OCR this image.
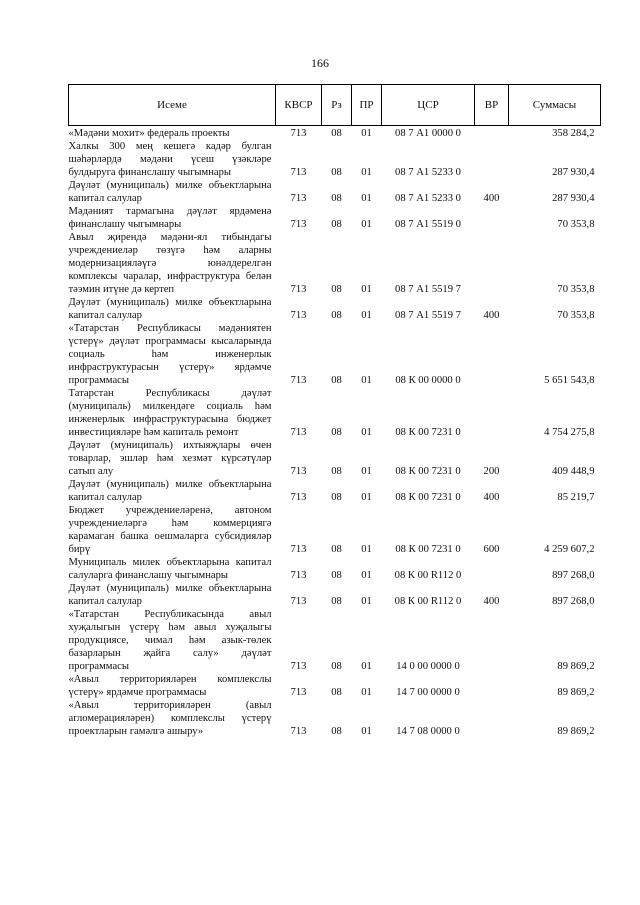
166
Исеме	КВСР	Рз	ПР	ЦСР	ВР	Суммасы
«Мәдәни мохит» федераль проекты	713	08	01	08 7 А1 0000 0		358 284,2
Халкы 300 мең кешегә кадәр булган шәһәрләрдә мәдәни үсеш үзәкләре булдыруга финанслашу чыгымнары	713	08	01	08 7 А1 5233 0		287 930,4
Дәүләт (муниципаль) милке объектларына капитал салулар	713	08	01	08 7 А1 5233 0	400	287 930,4
Мәдәният тармагына дәүләт ярдәменә финанслашу чыгымнары	713	08	01	08 7 А1 5519 0		70 353,8
Авыл җирендә мәдәни-ял тибындагы учреждениеләр төзүгә һәм аларны модернизацияләүгә юнәлдерелгән комплексы чаралар, инфраструктура белән тәэмин итүне дә кертеп	713	08	01	08 7 А1 5519 7		70 353,8
Дәүләт (муниципаль) милке объектларына капитал салулар	713	08	01	08 7 А1 5519 7	400	70 353,8
«Татарстан Республикасы мәдәниятен үстерү» дәүләт программасы кысаларында социаль һәм инженерлык инфраструктурасын үстерү» ярдәмче программасы	713	08	01	08 К 00 0000 0		5 651 543,8
Татарстан Республикасы дәүләт (муниципаль) милкендәге социаль һәм инженерлык инфраструктурасына бюджет инвестицияләре һәм капиталь ремонт	713	08	01	08 К 00 7231 0		4 754 275,8
Дәүләт (муниципаль) ихтыяҗлары өчен товарлар, эшләр һәм хезмәт күрсәтүләр сатып алу	713	08	01	08 К 00 7231 0	200	409 448,9
Дәүләт (муниципаль) милке объектларына капитал салулар	713	08	01	08 К 00 7231 0	400	85 219,7
Бюджет учреждениеләренә, автоном учреждениеләргә һәм коммерциягә карамаган башка оешмаларга субсидияләр бирү	713	08	01	08 К 00 7231 0	600	4 259 607,2
Муниципаль милек объектларына капитал салуларга финанслашу чыгымнары	713	08	01	08 К 00 R112 0		897 268,0
Дәүләт (муниципаль) милке объектларына капитал салулар	713	08	01	08 К 00 R112 0	400	897 268,0
«Татарстан Республикасында авыл хуҗалыгын үстерү һәм авыл хуҗалыгы продукциясе, чимал һәм азык-төлек базарларын җайга салу» дәүләт программасы	713	08	01	14 0 00 0000 0		89 869,2
«Авыл территорияләрен комплекслы үстерү» ярдәмче программасы	713	08	01	14 7 00 0000 0		89 869,2
«Авыл территорияләрен (авыл агломерацияләрен) комплекслы үстерү проектларын гамәлгә ашыру»	713	08	01	14 7 08 0000 0		89 869,2
